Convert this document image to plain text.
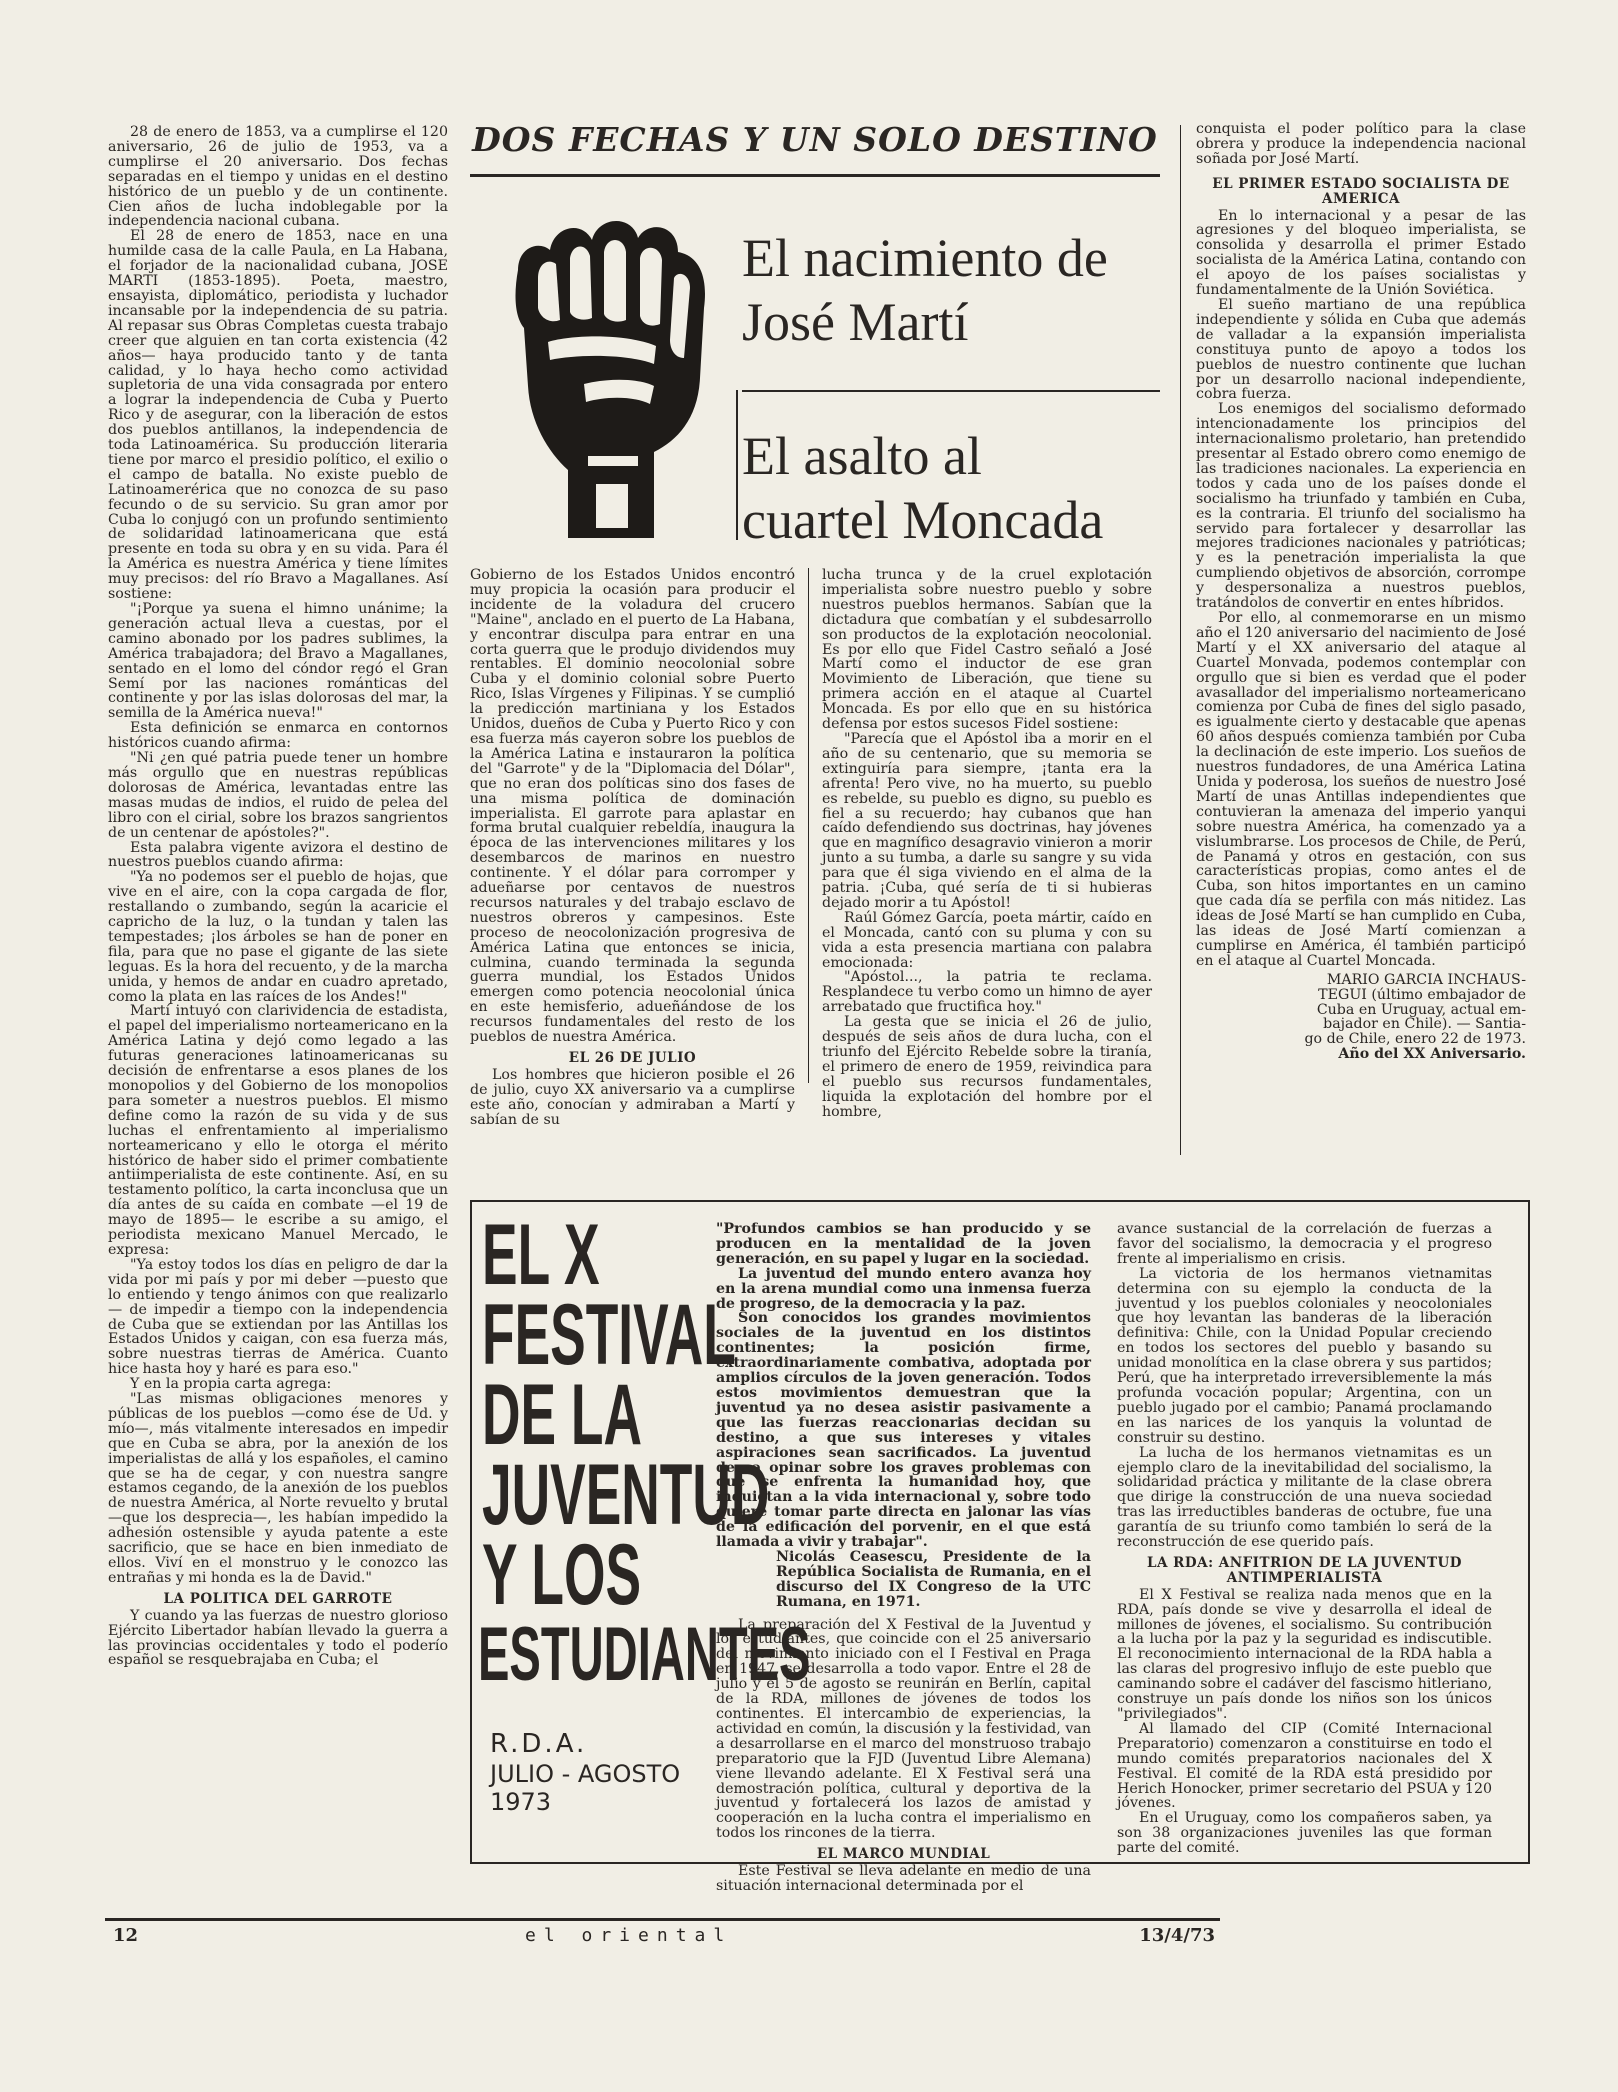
28 de enero de 1853, va a cumplirse el 120 aniversario, 26 de julio de 1953, va a cumplirse el 20 aniversario. Dos fechas separadas en el tiempo y unidas en el destino histórico de un pueblo y de un continente. Cien años de lucha indoblegable por la independencia nacional cubana.

El 28 de enero de 1853, nace en una humilde casa de la calle Paula, en La Habana, el forjador de la nacionalidad cubana, JOSE MARTI (1853-1895). Poeta, maestro, ensayista, diplomático, periodista y luchador incansable por la independencia de su patria. Al repasar sus Obras Completas cuesta trabajo creer que alguien en tan corta existencia (42 años— haya producido tanto y de tanta calidad, y lo haya hecho como actividad supletoria de una vida consagrada por entero a lograr la independencia de Cuba y Puerto Rico y de asegurar, con la liberación de estos dos pueblos antillanos, la independencia de toda Latinoamérica. Su producción literaria tiene por marco el presidio político, el exilio o el campo de batalla. No existe pueblo de Latinoamerérica que no conozca de su paso fecundo o de su servicio. Su gran amor por Cuba lo conjugó con un profundo sentimiento de solidaridad latinoamericana que está presente en toda su obra y en su vida. Para él la América es nuestra América y tiene límites muy precisos: del río Bravo a Magallanes. Así sostiene:

"¡Porque ya suena el himno unánime; la generación actual lleva a cuestas, por el camino abonado por los padres sublimes, la América trabajadora; del Bravo a Magallanes, sentado en el lomo del cóndor regó el Gran Semí por las naciones románticas del continente y por las islas dolorosas del mar, la semilla de la América nueva!"

Esta definición se enmarca en contornos históricos cuando afirma:

"Ni ¿en qué patria puede tener un hombre más orgullo que en nuestras repúblicas dolorosas de América, levantadas entre las masas mudas de indios, el ruido de pelea del libro con el cirial, sobre los brazos sangrientos de un centenar de apóstoles?".

Esta palabra vigente avizora el destino de nuestros pueblos cuando afirma:

"Ya no podemos ser el pueblo de hojas, que vive en el aire, con la copa cargada de flor, restallando o zumbando, según la acaricie el capricho de la luz, o la tundan y talen las tempestades; ¡los árboles se han de poner en fila, para que no pase el gigante de las siete leguas. Es la hora del recuento, y de la marcha unida, y hemos de andar en cuadro apretado, como la plata en las raíces de los Andes!"

Martí intuyó con clarividencia de estadista, el papel del imperialismo norteamericano en la América Latina y dejó como legado a las futuras generaciones latinoamericanas su decisión de enfrentarse a esos planes de los monopolios y del Gobierno de los monopolios para someter a nuestros pueblos. El mismo define como la razón de su vida y de sus luchas el enfrentamiento al imperialismo norteamericano y ello le otorga el mérito histórico de haber sido el primer combatiente antiimperialista de este continente. Así, en su testamento político, la carta inconclusa que un día antes de su caída en combate —el 19 de mayo de 1895— le escribe a su amigo, el periodista mexicano Manuel Mercado, le expresa:

"Ya estoy todos los días en peligro de dar la vida por mi país y por mi deber —puesto que lo entiendo y tengo ánimos con que realizarlo— de impedir a tiempo con la independencia de Cuba que se extiendan por las Antillas los Estados Unidos y caigan, con esa fuerza más, sobre nuestras tierras de América. Cuanto hice hasta hoy y haré es para eso."

Y en la propia carta agrega:

"Las mismas obligaciones menores y públicas de los pueblos —como ése de Ud. y mío—, más vitalmente interesados en impedir que en Cuba se abra, por la anexión de los imperialistas de allá y los españoles, el camino que se ha de cegar, y con nuestra sangre estamos cegando, de la anexión de los pueblos de nuestra América, al Norte revuelto y brutal —que los desprecia—, les habían impedido la adhesión ostensible y ayuda patente a este sacrificio, que se hace en bien inmediato de ellos. Viví en el monstruo y le conozco las entrañas y mi honda es la de David."

LA POLITICA DEL GARROTE

Y cuando ya las fuerzas de nuestro glorioso Ejército Libertador habían llevado la guerra a las provincias occidentales y todo el poderío español se resquebrajaba en Cuba; el

DOS FECHAS Y UN SOLO DESTINO
El nacimiento de
José Martí
El asalto al
cuartel Moncada

Gobierno de los Estados Unidos encontró muy propicia la ocasión para producir el incidente de la voladura del crucero "Maine", anclado en el puerto de La Habana, y encontrar disculpa para entrar en una corta guerra que le produjo dividendos muy rentables. El dominio neocolonial sobre Cuba y el dominio colonial sobre Puerto Rico, Islas Vírgenes y Filipinas. Y se cumplió la predicción martiniana y los Estados Unidos, dueños de Cuba y Puerto Rico y con esa fuerza más cayeron sobre los pueblos de la América Latina e instauraron la política del "Garrote" y de la "Diplomacia del Dólar", que no eran dos políticas sino dos fases de una misma política de dominación imperialista. El garrote para aplastar en forma brutal cualquier rebeldía, inaugura la época de las intervenciones militares y los desembarcos de marinos en nuestro continente. Y el dólar para corromper y adueñarse por centavos de nuestros recursos naturales y del trabajo esclavo de nuestros obreros y campesinos. Este proceso de neocolonización progresiva de América Latina que entonces se inicia, culmina, cuando terminada la segunda guerra mundial, los Estados Unidos emergen como potencia neocolonial única en este hemisferio, adueñándose de los recursos fundamentales del resto de los pueblos de nuestra América.

EL 26 DE JULIO

Los hombres que hicieron posible el 26 de julio, cuyo XX aniversario va a cumplirse este año, conocían y admiraban a Martí y sabían de su

lucha trunca y de la cruel explotación imperialista sobre nuestro pueblo y sobre nuestros pueblos hermanos. Sabían que la dictadura que combatían y el subdesarrollo son productos de la explotación neocolonial. Es por ello que Fidel Castro señaló a José Martí como el inductor de ese gran Movimiento de Liberación, que tiene su primera acción en el ataque al Cuartel Moncada. Es por ello que en su histórica defensa por estos sucesos Fidel sostiene:

"Parecía que el Apóstol iba a morir en el año de su centenario, que su memoria se extinguiría para siempre, ¡tanta era la afrenta! Pero vive, no ha muerto, su pueblo es rebelde, su pueblo es digno, su pueblo es fiel a su recuerdo; hay cubanos que han caído defendiendo sus doctrinas, hay jóvenes que en magnífico desagravio vinieron a morir junto a su tumba, a darle su sangre y su vida para que él siga viviendo en el alma de la patria. ¡Cuba, qué sería de ti si hubieras dejado morir a tu Apóstol!

Raúl Gómez García, poeta mártir, caído en el Moncada, cantó con su pluma y con su vida a esta presencia martiana con palabra emocionada:

"Apóstol..., la patria te reclama. Resplandece tu verbo como un himno de ayer arrebatado que fructifica hoy."

La gesta que se inicia el 26 de julio, después de seis años de dura lucha, con el triunfo del Ejército Rebelde sobre la tiranía, el primero de enero de 1959, reivindica para el pueblo sus recursos fundamentales, liquida la explotación del hombre por el hombre,

conquista el poder político para la clase obrera y produce la independencia nacional soñada por José Martí.

EL PRIMER ESTADO SOCIALISTA DE AMERICA

En lo internacional y a pesar de las agresiones y del bloqueo imperialista, se consolida y desarrolla el primer Estado socialista de la América Latina, contando con el apoyo de los países socialistas y fundamentalmente de la Unión Soviética.

El sueño martiano de una república independiente y sólida en Cuba que además de valladar a la expansión imperialista constituya punto de apoyo a todos los pueblos de nuestro continente que luchan por un desarrollo nacional independiente, cobra fuerza.

Los enemigos del socialismo deformado intencionadamente los principios del internacionalismo proletario, han pretendido presentar al Estado obrero como enemigo de las tradiciones nacionales. La experiencia en todos y cada uno de los países donde el socialismo ha triunfado y también en Cuba, es la contraria. El triunfo del socialismo ha servido para fortalecer y desarrollar las mejores tradiciones nacionales y patrióticas; y es la penetración imperialista la que cumpliendo objetivos de absorción, corrompe y despersonaliza a nuestros pueblos, tratándolos de convertir en entes híbridos.

Por ello, al conmemorarse en un mismo año el 120 aniversario del nacimiento de José Martí y el XX aniversario del ataque al Cuartel Monvada, podemos contemplar con orgullo que si bien es verdad que el poder avasallador del imperialismo norteamericano comienza por Cuba de fines del siglo pasado, es igualmente cierto y destacable que apenas 60 años después comienza también por Cuba la declinación de este imperio. Los sueños de nuestros fundadores, de una América Latina Unida y poderosa, los sueños de nuestro José Martí de unas Antillas independientes que contuvieran la amenaza del imperio yanqui sobre nuestra América, ha comenzado ya a vislumbrarse. Los procesos de Chile, de Perú, de Panamá y otros en gestación, con sus características propias, como antes el de Cuba, son hitos importantes en un camino que cada día se perfila con más nitidez. Las ideas de José Martí se han cumplido en Cuba, las ideas de José Martí comienzan a cumplirse en América, él también participó en el ataque al Cuartel Moncada.

MARIO GARCIA INCHAUS-
TEGUI (último embajador de
Cuba en Uruguay, actual em-
bajador en Chile). — Santia-
go de Chile, enero 22 de 1973.
Año del XX Aniversario.
EL X
FESTIVAL
DE LA
JUVENTUD
Y LOS
ESTUDIANTES
R.D.A.
JULIO - AGOSTO
1973

"Profundos cambios se han producido y se producen en la mentalidad de la joven generación, en su papel y lugar en la sociedad.

La juventud del mundo entero avanza hoy en la arena mundial como una inmensa fuerza de progreso, de la democracia y la paz.

Son conocidos los grandes movimientos sociales de la juventud en los distintos continentes; la posición firme, extraordinariamente combativa, adoptada por amplios círculos de la joven generación. Todos estos movimientos demuestran que la juventud ya no desea asistir pasivamente a que las fuerzas reaccionarias decidan su destino, a que sus intereses y vitales aspiraciones sean sacrificados. La juventud desea opinar sobre los graves problemas con que se enfrenta la humanidad hoy, que inquietan a la vida internacional y, sobre todo quiere tomar parte directa en jalonar las vías de la edificación del porvenir, en el que está llamada a vivir y trabajar".

Nicolás Ceasescu, Presidente de la República Socialista de Rumania, en el discurso del IX Congreso de la UTC Rumana, en 1971.

La preparación del X Festival de la Juventud y los estudiantes, que coincide con el 25 aniversario del movimiento iniciado con el I Festival en Praga en 1947, se desarrolla a todo vapor. Entre el 28 de julio y el 5 de agosto se reunirán en Berlín, capital de la RDA, millones de jóvenes de todos los continentes. El intercambio de experiencias, la actividad en común, la discusión y la festividad, van a desarrollarse en el marco del monstruoso trabajo preparatorio que la FJD (Juventud Libre Alemana) viene llevando adelante. El X Festival será una demostración política, cultural y deportiva de la juventud y fortalecerá los lazos de amistad y cooperación en la lucha contra el imperialismo en todos los rincones de la tierra.

EL MARCO MUNDIAL

Este Festival se lleva adelante en medio de una situación internacional determinada por el

avance sustancial de la correlación de fuerzas a favor del socialismo, la democracia y el progreso frente al imperialismo en crisis.

La victoria de los hermanos vietnamitas determina con su ejemplo la conducta de la juventud y los pueblos coloniales y neocoloniales que hoy levantan las banderas de la liberación definitiva: Chile, con la Unidad Popular creciendo en todos los sectores del pueblo y basando su unidad monolítica en la clase obrera y sus partidos; Perú, que ha interpretado irreversiblemente la más profunda vocación popular; Argentina, con un pueblo jugado por el cambio; Panamá proclamando en las narices de los yanquis la voluntad de construir su destino.

La lucha de los hermanos vietnamitas es un ejemplo claro de la inevitabilidad del socialismo, la solidaridad práctica y militante de la clase obrera que dirige la construcción de una nueva sociedad tras las irreductibles banderas de octubre, fue una garantía de su triunfo como también lo será de la reconstrucción de ese querido país.

LA RDA: ANFITRION DE LA JUVENTUD ANTIMPERIALISTA

El X Festival se realiza nada menos que en la RDA, país donde se vive y desarrolla el ideal de millones de jóvenes, el socialismo. Su contribución a la lucha por la paz y la seguridad es indiscutible. El reconocimiento internacional de la RDA habla a las claras del progresivo influjo de este pueblo que caminando sobre el cadáver del fascismo hitleriano, construye un país donde los niños son los únicos "privilegiados".

Al llamado del CIP (Comité Internacional Preparatorio) comenzaron a constituirse en todo el mundo comités preparatorios nacionales del X Festival. El comité de la RDA está presidido por Herich Honocker, primer secretario del PSUA y 120 jóvenes.

En el Uruguay, como los compañeros saben, ya son 38 organizaciones juveniles las que forman parte del comité.

12	el oriental	13/4/73
